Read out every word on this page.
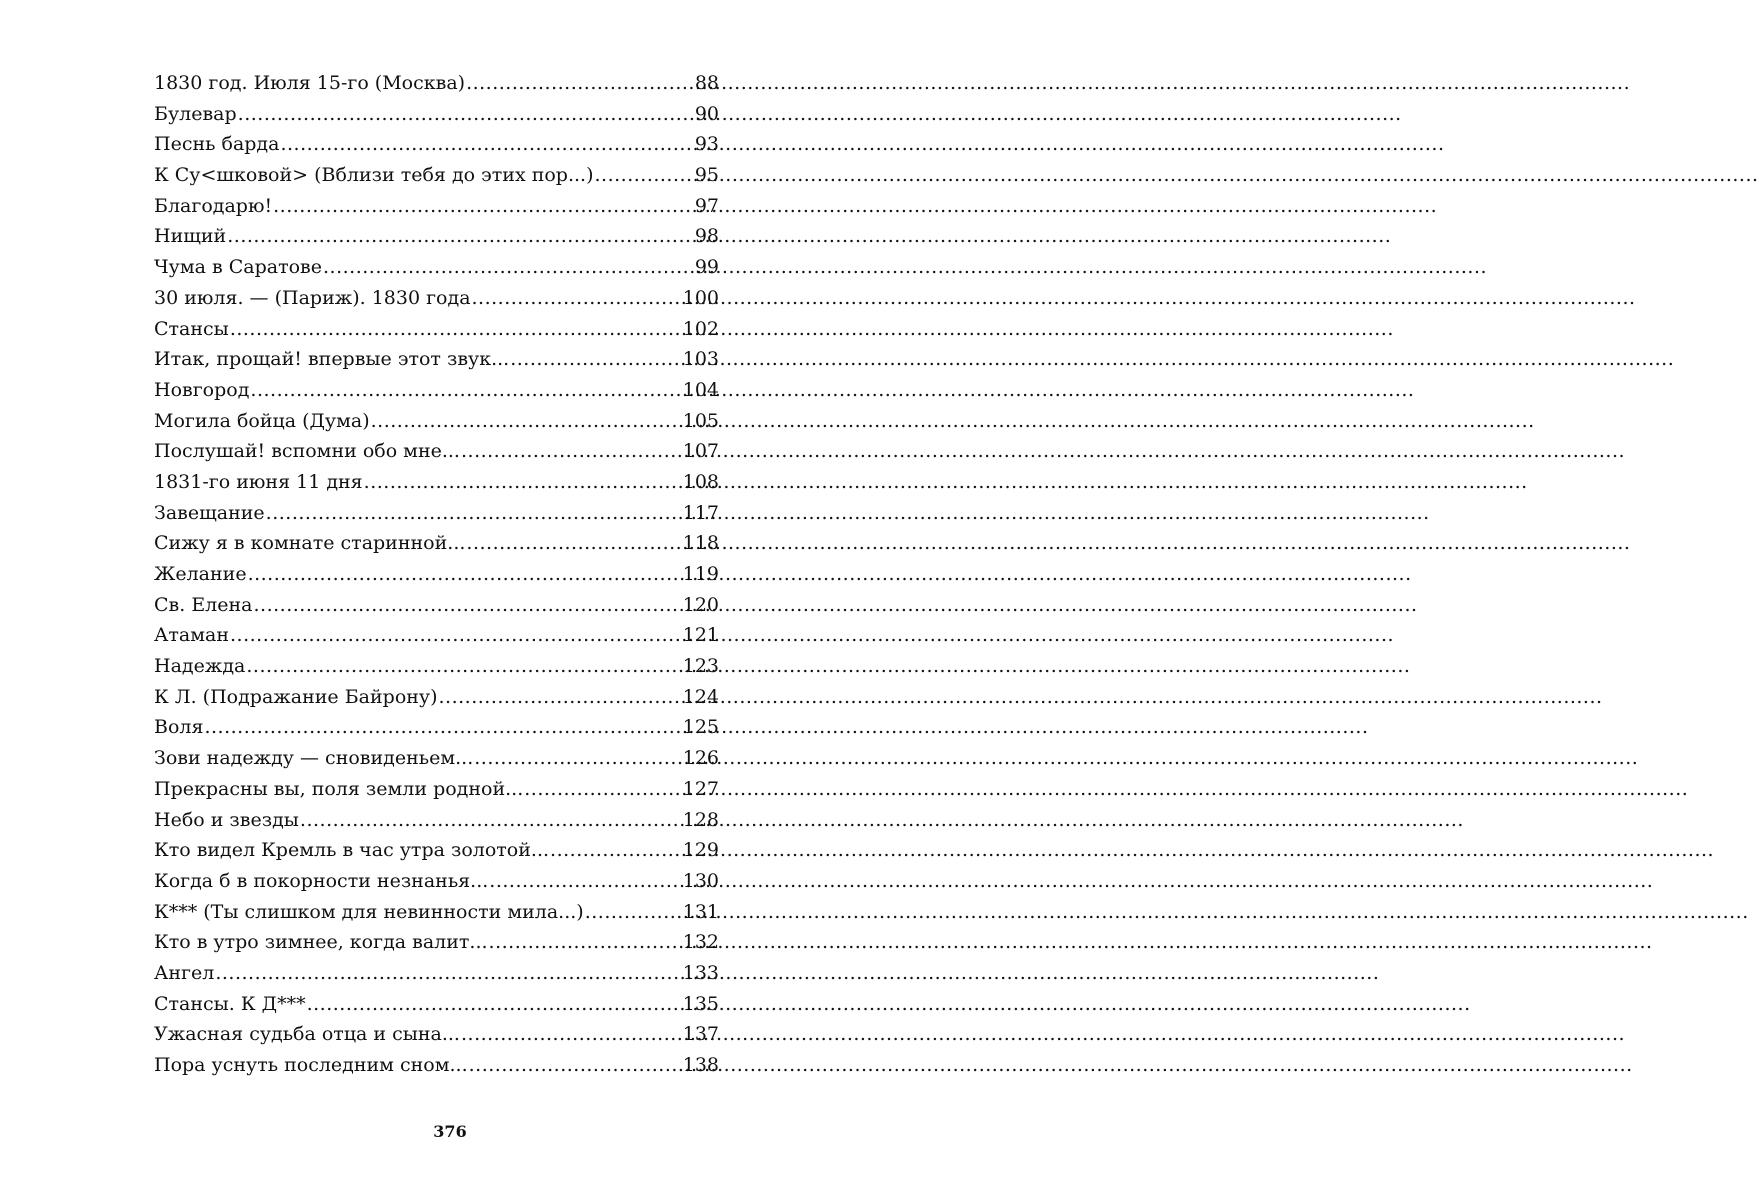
1830 год. Июля 15-го (Москва) .....	88
Булевар .....	90
Песнь барда .....	93
К Су<шковой> (Вблизи тебя до этих пор...) .....	95
Благодарю! .....	97
Нищий .....	98
Чума в Саратове .....	99
30 июля. — (Париж). 1830 года .....	100
Стансы .....	102
Итак, прощай! впервые этот звук... .....	103
Новгород .....	104
Могила бойца (Дума) .....	105
Послушай! вспомни обо мне... .....	107
1831-го июня 11 дня .....	108
Завещание .....	117
Сижу я в комнате старинной... .....	118
Желание .....	119
Св. Елена .....	120
Атаман .....	121
Надежда .....	123
К Л. (Подражание Байрону) .....	124
Воля .....	125
Зови надежду — сновиденьем... .....	126
Прекрасны вы, поля земли родной... .....	127
Небо и звезды .....	128
Кто видел Кремль в час утра золотой... .....	129
Когда б в покорности незнанья... .....	130
К*** (Ты слишком для невинности мила...) .....	131
Кто в утро зимнее, когда валит... .....	132
Ангел .....	133
Стансы. К Д*** .....	135
Ужасная судьба отца и сына... .....	137
Пора уснуть последним сном... .....	138
376
